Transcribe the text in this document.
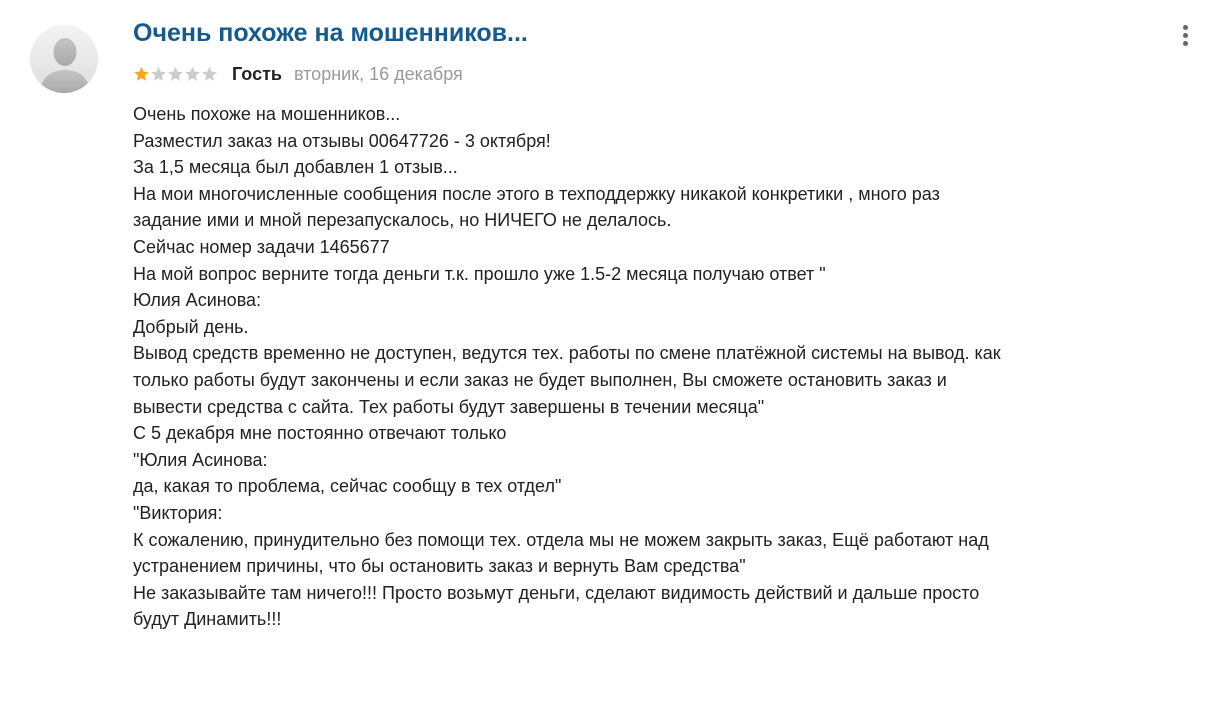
Очень похоже на мошенников...
Гость вторник, 16 декабря

Очень похоже на мошенников...

Разместил заказ на отзывы 00647726 - 3 октября!

За 1,5 месяца был добавлен 1 отзыв...

На мои многочисленные сообщения после этого в техподдержку никакой конкретики , много раз

задание ими и мной перезапускалось, но НИЧЕГО не делалось.

Сейчас номер задачи 1465677

На мой вопрос верните тогда деньги т.к. прошло уже 1.5-2 месяца получаю ответ "

Юлия Асинова:

Добрый день.

Вывод средств временно не доступен, ведутся тех. работы по смене платёжной системы на вывод. как

только работы будут закончены и если заказ не будет выполнен, Вы сможете остановить заказ и

вывести средства с сайта. Тех работы будут завершены в течении месяца"

С 5 декабря мне постоянно отвечают только

"Юлия Асинова:

да, какая то проблема, сейчас сообщу в тех отдел"

"Виктория:

К сожалению, принудительно без помощи тех. отдела мы не можем закрыть заказ, Ещё работают над

устранением причины, что бы остановить заказ и вернуть Вам средства"

Не заказывайте там ничего!!! Просто возьмут деньги, сделают видимость действий и дальше просто

будут Динамить!!!
